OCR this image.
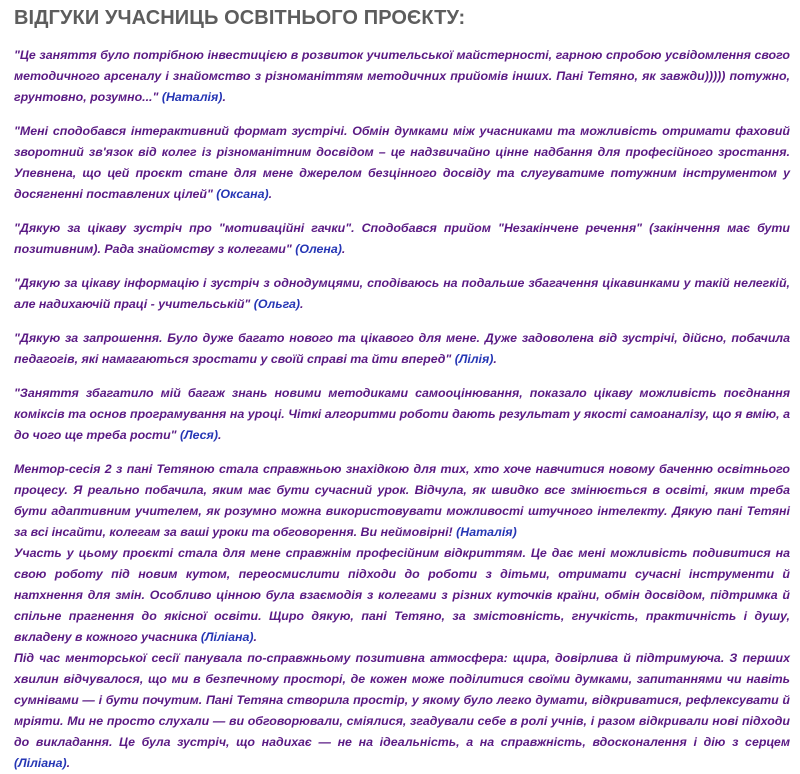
ВІДГУКИ УЧАСНИЦЬ ОСВІТНЬОГО ПРОЄКТУ:

"Це заняття було потрібною інвестицією в розвиток учительської майстерності, гарною спробою усвідомлення свого методичного арсеналу і знайомство з різноманіттям методичних прийомів інших. Пані Тетяно, як завжди))))) потужно, грунтовно, розумно..." (Наталія).

"Мені сподобався інтерактивний формат зустрічі. Обмін думками між учасниками та можливість отримати фаховий зворотний зв'язок від колег із різноманітним досвідом – це надзвичайно цінне надбання для професійного зростання. Упевнена, що цей проєкт стане для мене джерелом безцінного досвіду та слугуватиме потужним інструментом у досягненні поставлених цілей" (Оксана).

"Дякую за цікаву зустріч про "мотиваційні гачки". Сподобався прийом "Незакінчене речення" (закінчення має бути позитивним). Рада знайомству з колегами" (Олена).

"Дякую за цікаву інформацію і зустріч з однодумцями, сподіваюсь на подальше збагачення цікавинками у такій нелегкій, але надихаючій праці - учительській" (Ольга).

"Дякую за запрошення. Було дуже багато нового та цікавого для мене. Дуже задоволена від зустрічі, дійсно, побачила педагогів, які намагаються зростати у своїй справі та йти вперед" (Лілія).

"Заняття збагатило мій багаж знань новими методиками самооцінювання, показало цікаву можливість поєднання коміксів та основ програмування на уроці. Чіткі алгоритми роботи дають результат у якості самоаналізу, що я вмію, а до чого ще треба рости" (Леся).

Ментор-сесія 2 з пані Тетяною стала справжньою знахідкою для тих, хто хоче навчитися новому баченню освітнього процесу. Я реально побачила, яким має бути сучасний урок. Відчула, як швидко все змінюється в освіті, яким треба бути адаптивним учителем, як розумно можна використовувати можливості штучного інтелекту. Дякую пані Тетяні за всі інсайти, колегам за ваші уроки та обговорення. Ви неймовірні! (Наталія)

Участь у цьому проєкті стала для мене справжнім професійним відкриттям. Це дає мені можливість подивитися на свою роботу під новим кутом, переосмислити підходи до роботи з дітьми, отримати сучасні інструменти й натхнення для змін. Особливо цінною була взаємодія з колегами з різних куточків країни, обмін досвідом, підтримка й спільне прагнення до якісної освіти. Щиро дякую, пані Тетяно, за змістовність, гнучкість, практичність і душу, вкладену в кожного учасника (Ліліана).

Під час менторської сесії панувала по-справжньому позитивна атмосфера: щира, довірлива й підтримуюча. З перших хвилин відчувалося, що ми в безпечному просторі, де кожен може поділитися своїми думками, запитаннями чи навіть сумнівами — і бути почутим. Пані Тетяна створила простір, у якому було легко думати, відкриватися, рефлексувати й мріяти. Ми не просто слухали — ви обговорювали, сміялися, згадували себе в ролі учнів, і разом відкривали нові підходи до викладання. Це була зустріч, що надихає — не на ідеальність, а на справжність, вдосконалення і дію з серцем (Ліліана).
